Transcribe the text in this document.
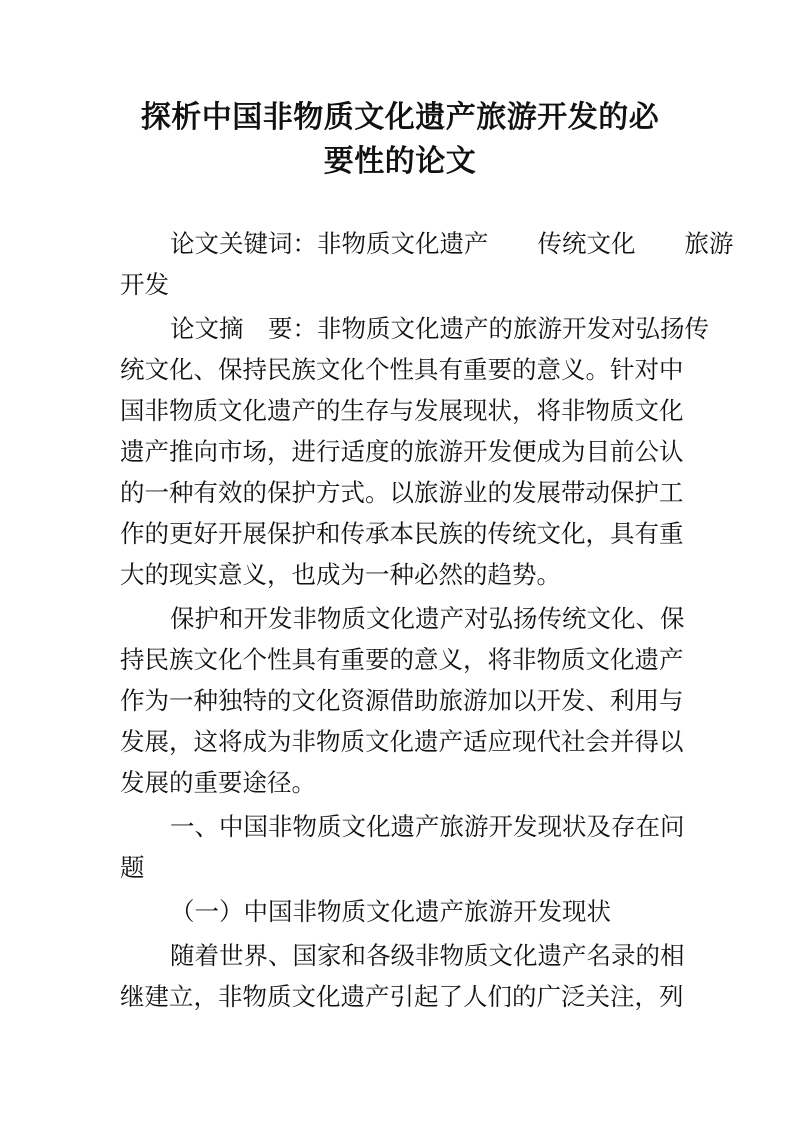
探析中国非物质文化遗产旅游开发的必
要性的论文
论文关键词：非物质文化遗产　　传统文化　　旅游
开发
论文摘　要：非物质文化遗产的旅游开发对弘扬传
统文化、保持民族文化个性具有重要的意义。针对中
国非物质文化遗产的生存与发展现状，将非物质文化
遗产推向市场，进行适度的旅游开发便成为目前公认
的一种有效的保护方式。以旅游业的发展带动保护工
作的更好开展保护和传承本民族的传统文化，具有重
大的现实意义，也成为一种必然的趋势。
保护和开发非物质文化遗产对弘扬传统文化、保
持民族文化个性具有重要的意义，将非物质文化遗产
作为一种独特的文化资源借助旅游加以开发、利用与
发展，这将成为非物质文化遗产适应现代社会并得以
发展的重要途径。
一、中国非物质文化遗产旅游开发现状及存在问
题
（一）中国非物质文化遗产旅游开发现状
随着世界、国家和各级非物质文化遗产名录的相
继建立，非物质文化遗产引起了人们的广泛关注，列
